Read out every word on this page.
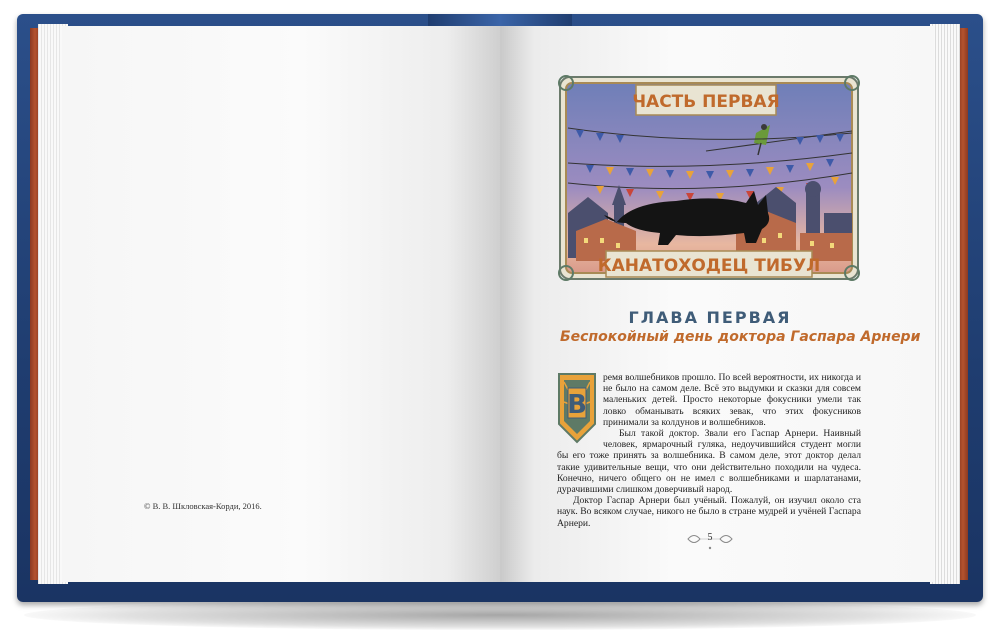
© В. В. Шкловская-Корди, 2016.
ЧАСТЬ ПЕРВАЯ
КАНАТОХОДЕЦ ТИБУЛ
ГЛАВА ПЕРВАЯ
Беспокойный день доктора Гаспара Арнери
В

ремя волшебников прошло. По всей вероятности, их никогда и не было на самом деле. Всё это выдумки и сказки для совсем маленьких детей. Просто некоторые фокусники умели так ловко обманывать всяких зевак, что этих фокусников принимали за колдунов и волшебников.

Был такой доктор. Звали его Гаспар Арнери. Наивный человек, ярмарочный гуляка, недоучившийся студент могли бы его тоже принять за волшебника. В самом деле, этот доктор делал такие удивительные вещи, что они действительно походили на чудеса. Конечно, ничего общего он не имел с волшебниками и шарлатанами, дурачившими слишком доверчивый народ.

Доктор Гаспар Арнери был учёный. Пожалуй, он изучил около ста наук. Во всяком случае, никого не было в стране мудрей и учёней Гаспара Арнери.

5
